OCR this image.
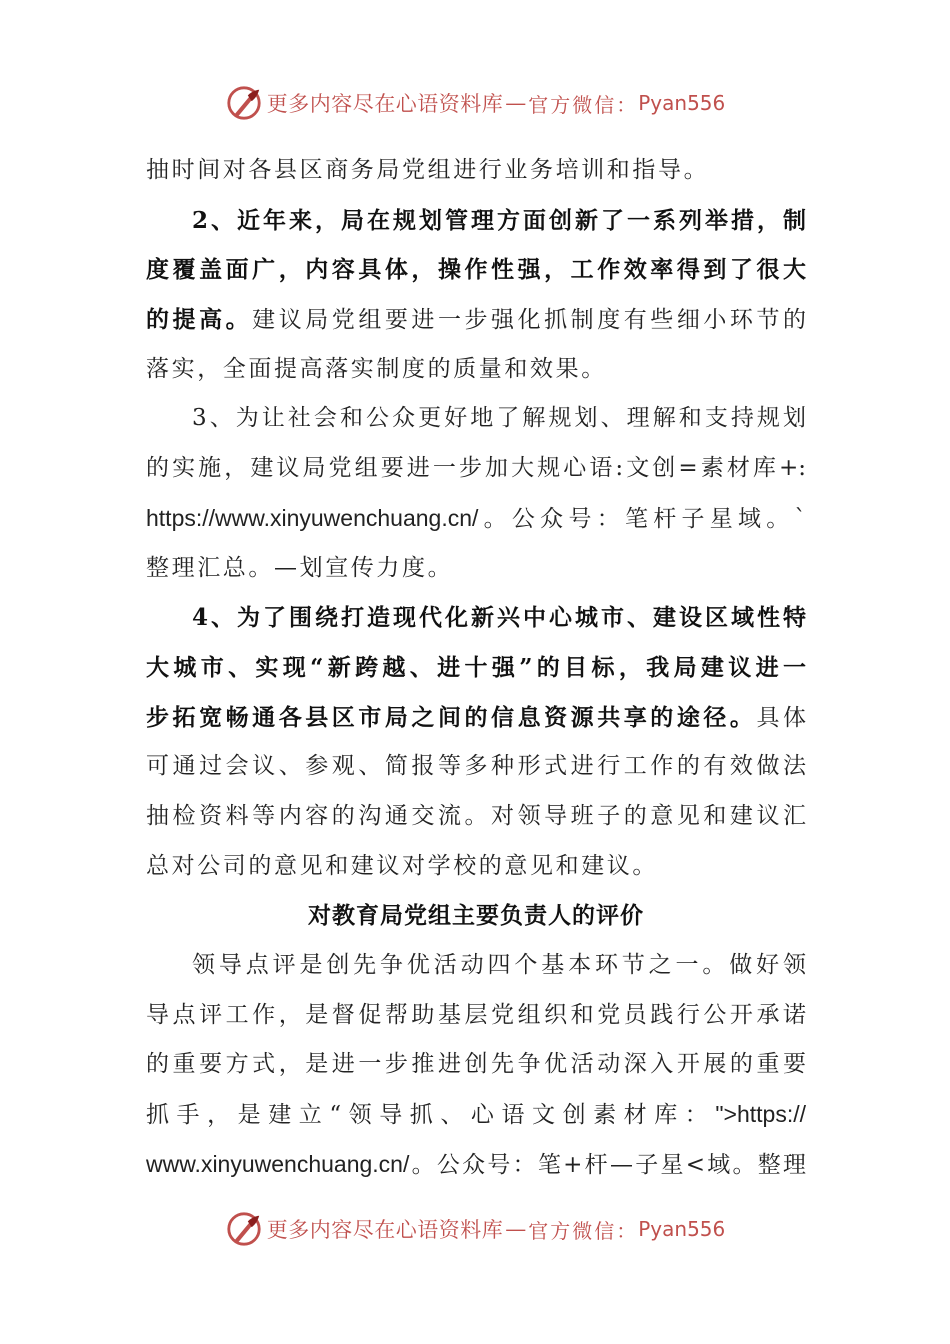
更多内容尽在心语资料库 — 官方微信： Pyan556
抽时间对各县区商务局党组进行业务培训和指导。
2、近年来，局在规划管理方面创新了一系列举措，制
度覆盖面广，内容具体，操作性强，工作效率得到了很大
的提高。建议局党组要进一步强化抓制度有些细小环节的
落实，全面提高落实制度的质量和效果。
3、为让社会和公众更好地了解规划、理解和支持规划
的实施，建议局党组要进一步加大规心语:文创=素材库+:
https://www.xinyuwenchuang.cn/。公众号：笔杆子星域。`
整理汇总。—划宣传力度。
4、为了围绕打造现代化新兴中心城市、建设区域性特
大城市、实现“新跨越、进十强”的目标，我局建议进一
步拓宽畅通各县区市局之间的信息资源共享的途径。具体
可通过会议、参观、简报等多种形式进行工作的有效做法
抽检资料等内容的沟通交流。对领导班子的意见和建议汇
总对公司的意见和建议对学校的意见和建议。
对教育局党组主要负责人的评价
领导点评是创先争优活动四个基本环节之一。做好领
导点评工作，是督促帮助基层党组织和党员践行公开承诺
的重要方式，是进一步推进创先争优活动深入开展的重要
抓手，是建立“领导抓、心语文创素材库：">https://
www.xinyuwenchuang.cn/。公众号：笔+杆—子星<域。整理
更多内容尽在心语资料库 — 官方微信： Pyan556
